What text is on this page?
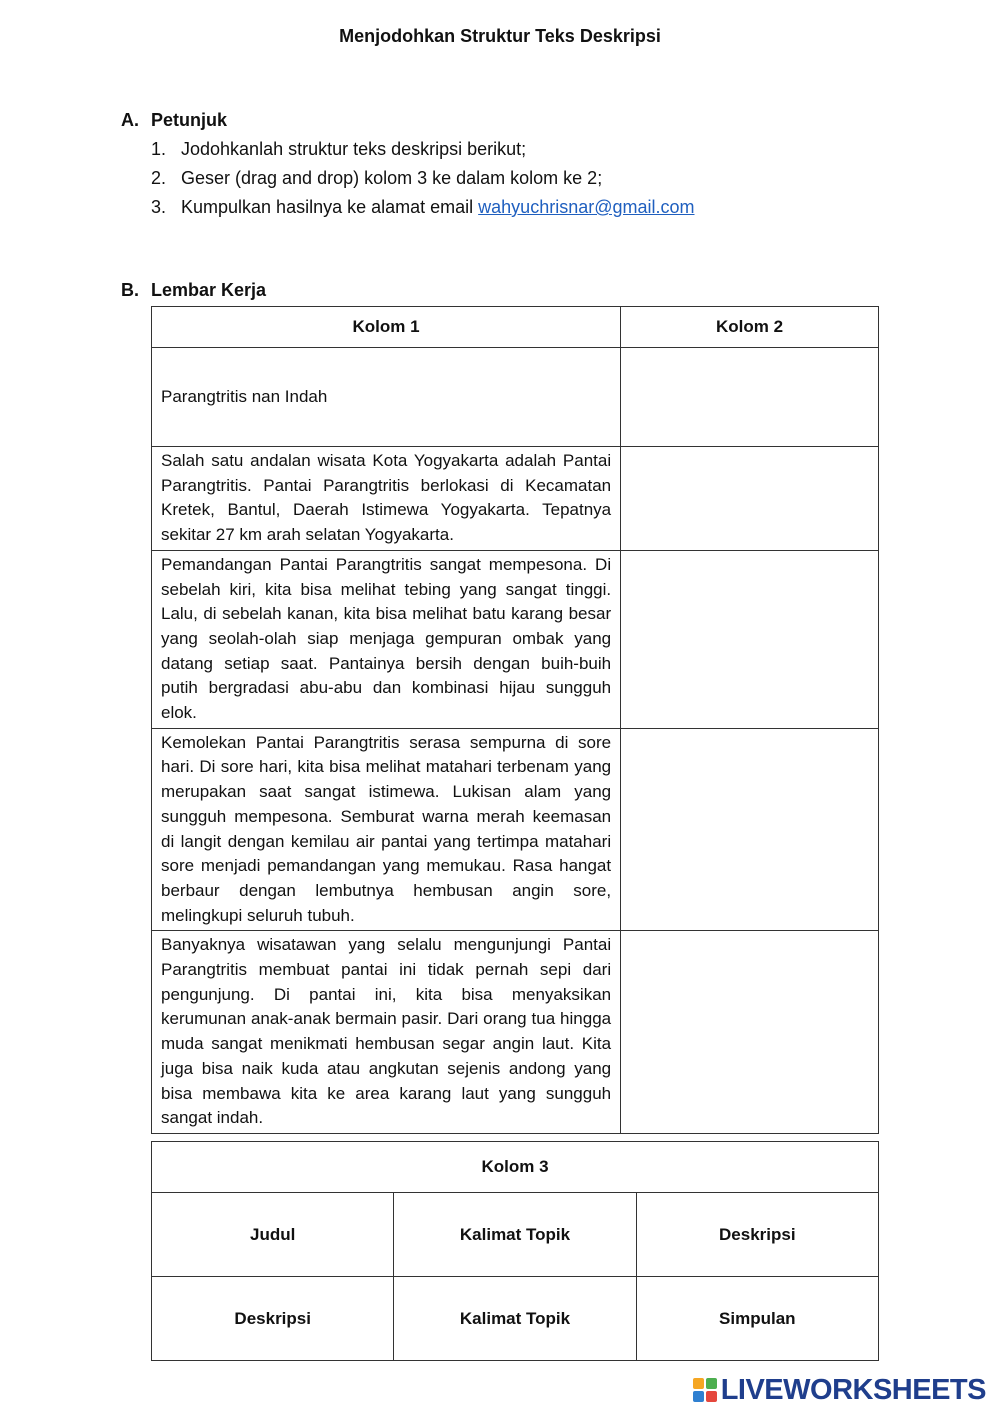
Menjodohkan Struktur Teks Deskripsi
A. Petunjuk
1. Jodohkanlah struktur teks deskripsi berikut;
2. Geser (drag and drop) kolom 3 ke dalam kolom ke 2;
3. Kumpulkan hasilnya ke alamat email wahyuchrisnar@gmail.com
B. Lembar Kerja
Kolom 1	Kolom 2
Parangtritis nan Indah	
Salah satu andalan wisata Kota Yogyakarta adalah Pantai Parangtritis. Pantai Parangtritis berlokasi di Kecamatan Kretek, Bantul, Daerah Istimewa Yogyakarta. Tepatnya sekitar 27 km arah selatan Yogyakarta.	
Pemandangan Pantai Parangtritis sangat mempesona. Di sebelah kiri, kita bisa melihat tebing yang sangat tinggi. Lalu, di sebelah kanan, kita bisa melihat batu karang besar yang seolah-olah siap menjaga gempuran ombak yang datang setiap saat. Pantainya bersih dengan buih-buih putih bergradasi abu-abu dan kombinasi hijau sungguh elok.	
Kemolekan Pantai Parangtritis serasa sempurna di sore hari. Di sore hari, kita bisa melihat matahari terbenam yang merupakan saat sangat istimewa. Lukisan alam yang sungguh mempesona. Semburat warna merah keemasan di langit dengan kemilau air pantai yang tertimpa matahari sore menjadi pemandangan yang memukau. Rasa hangat berbaur dengan lembutnya hembusan angin sore, melingkupi seluruh tubuh.	
Banyaknya wisatawan yang selalu mengunjungi Pantai Parangtritis membuat pantai ini tidak pernah sepi dari pengunjung. Di pantai ini, kita bisa menyaksikan kerumunan anak-anak bermain pasir. Dari orang tua hingga muda sangat menikmati hembusan segar angin laut. Kita juga bisa naik kuda atau angkutan sejenis andong yang bisa membawa kita ke area karang laut yang sungguh sangat indah.	
Kolom 3		
Judul	Kalimat Topik	Deskripsi
Deskripsi	Kalimat Topik	Simpulan
LIVEWORKSHEETS
